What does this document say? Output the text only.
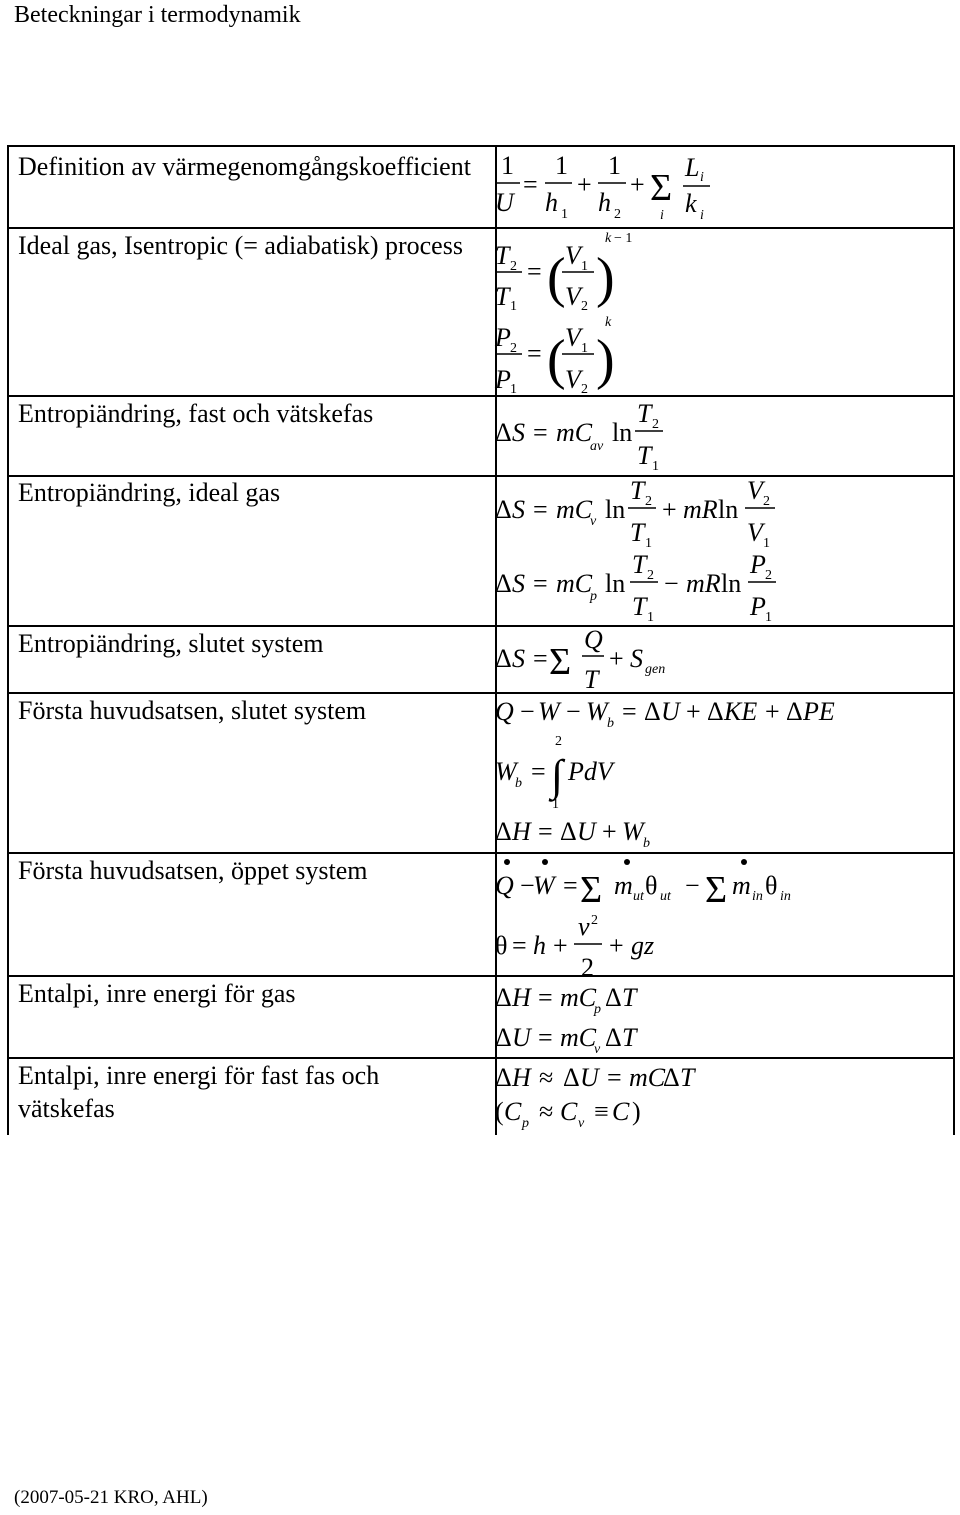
Beteckningar i termodynamik
Definition av värmegenomgångskoefficient
Ideal gas, Isentropic (= adiabatisk) process
Entropiändring, fast och vätskefas
Entropiändring, ideal gas
Entropiändring, slutet system
Första huvudsatsen, slutet system
Första huvudsatsen, öppet system
Entalpi, inre energi för gas
Entalpi, inre energi för fast fas och vätskefas
1
U
=
1
h 1
+
1
h 2
+ Σ
i
L i
k i
T 2
T 1
= ( V 1
V 2 )
k − 1
P 2
P 1
= ( V 1
V 2 )
k
Δ S = mC
av ln
T 2
T 1
Δ S = mC
v ln
T 2
T 1
+ mR ln
V 2
V 1
Δ S = mC
p ln
T 2
T 1
− mR ln
P 2
P 1
Δ S = Σ
Q
T
+ S gen
Q − W − W b = Δ U + Δ KE + Δ PE
W
b = ∫
2
1
PdV
Δ H = Δ U + W b
Q −
W = Σ m ut θ ut − Σ m in θ in
θ = h +
v 2
2
+ gz
Δ H = mC
p Δ T
Δ U = mC
v Δ T
Δ H ≈ Δ U = mC
Δ T
( C p ≈ C v ≡ C )
(2007-05-21 KRO, AHL)
